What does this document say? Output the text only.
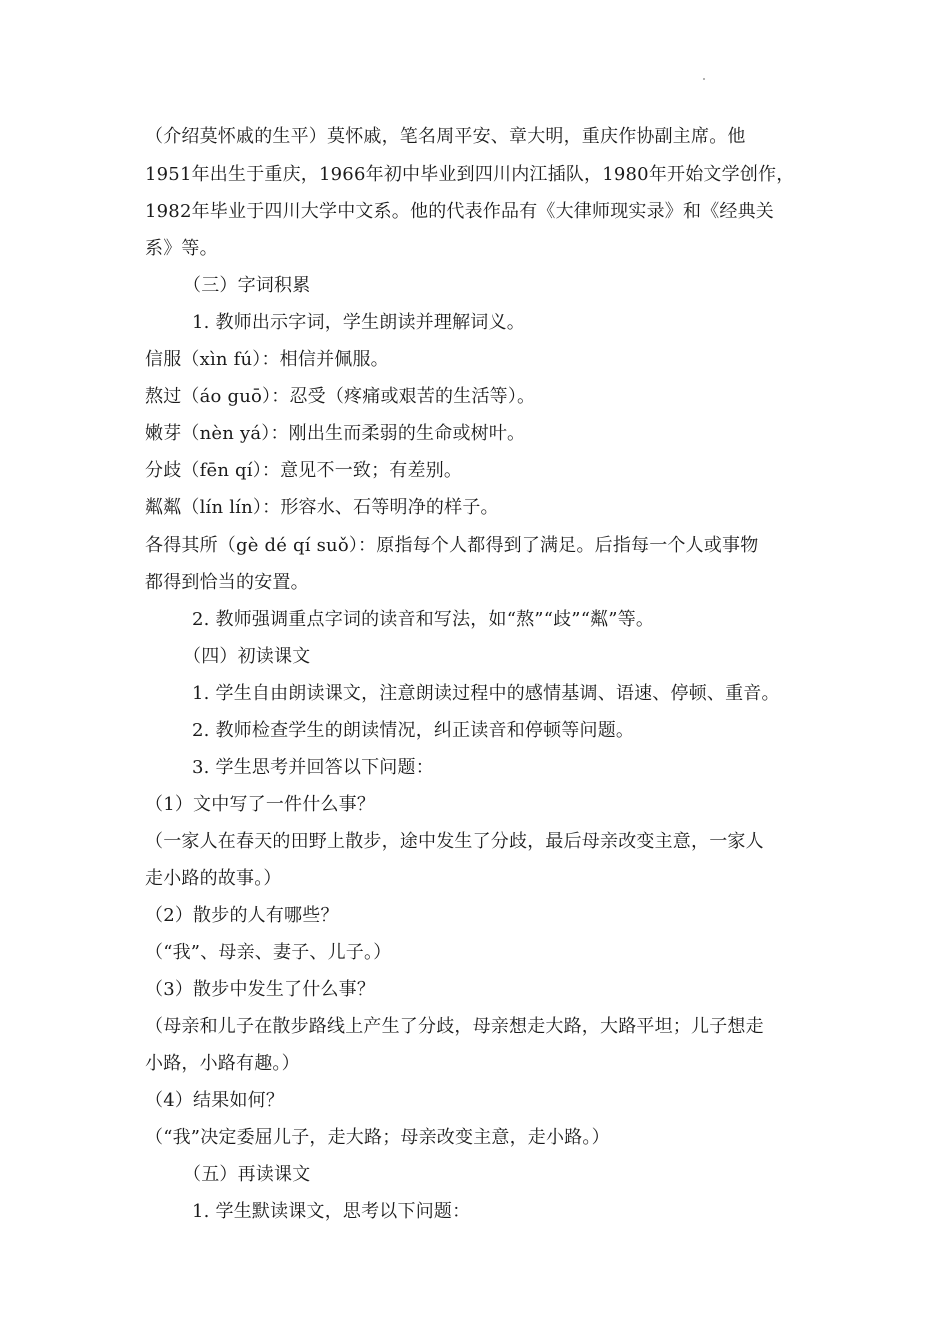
（介绍莫怀戚的生平）莫怀戚，笔名周平安、章大明，重庆作协副主席。他
1951年出生于重庆，1966年初中毕业到四川内江插队，1980年开始文学创作，
1982年毕业于四川大学中文系。他的代表作品有《大律师现实录》和《经典关
系》等。
（三）字词积累
1. 教师出示字词，学生朗读并理解词义。
信服（xìn fú）：相信并佩服。
熬过（áo guō）：忍受（疼痛或艰苦的生活等）。
嫩芽（nèn yá）：刚出生而柔弱的生命或树叶。
分歧（fēn qí）：意见不一致；有差别。
粼粼（lín lín）：形容水、石等明净的样子。
各得其所（gè dé qí suǒ）：原指每个人都得到了满足。后指每一个人或事物
都得到恰当的安置。
2. 教师强调重点字词的读音和写法，如“熬”“歧”“粼”等。
（四）初读课文
1. 学生自由朗读课文，注意朗读过程中的感情基调、语速、停顿、重音。
2. 教师检查学生的朗读情况，纠正读音和停顿等问题。
3. 学生思考并回答以下问题：
（1）文中写了一件什么事？
（一家人在春天的田野上散步，途中发生了分歧，最后母亲改变主意，一家人
走小路的故事。）
（2）散步的人有哪些？
（“我”、母亲、妻子、儿子。）
（3）散步中发生了什么事？
（母亲和儿子在散步路线上产生了分歧，母亲想走大路，大路平坦；儿子想走
小路，小路有趣。）
（4）结果如何？
（“我”决定委屈儿子，走大路；母亲改变主意，走小路。）
（五）再读课文
1. 学生默读课文，思考以下问题：
